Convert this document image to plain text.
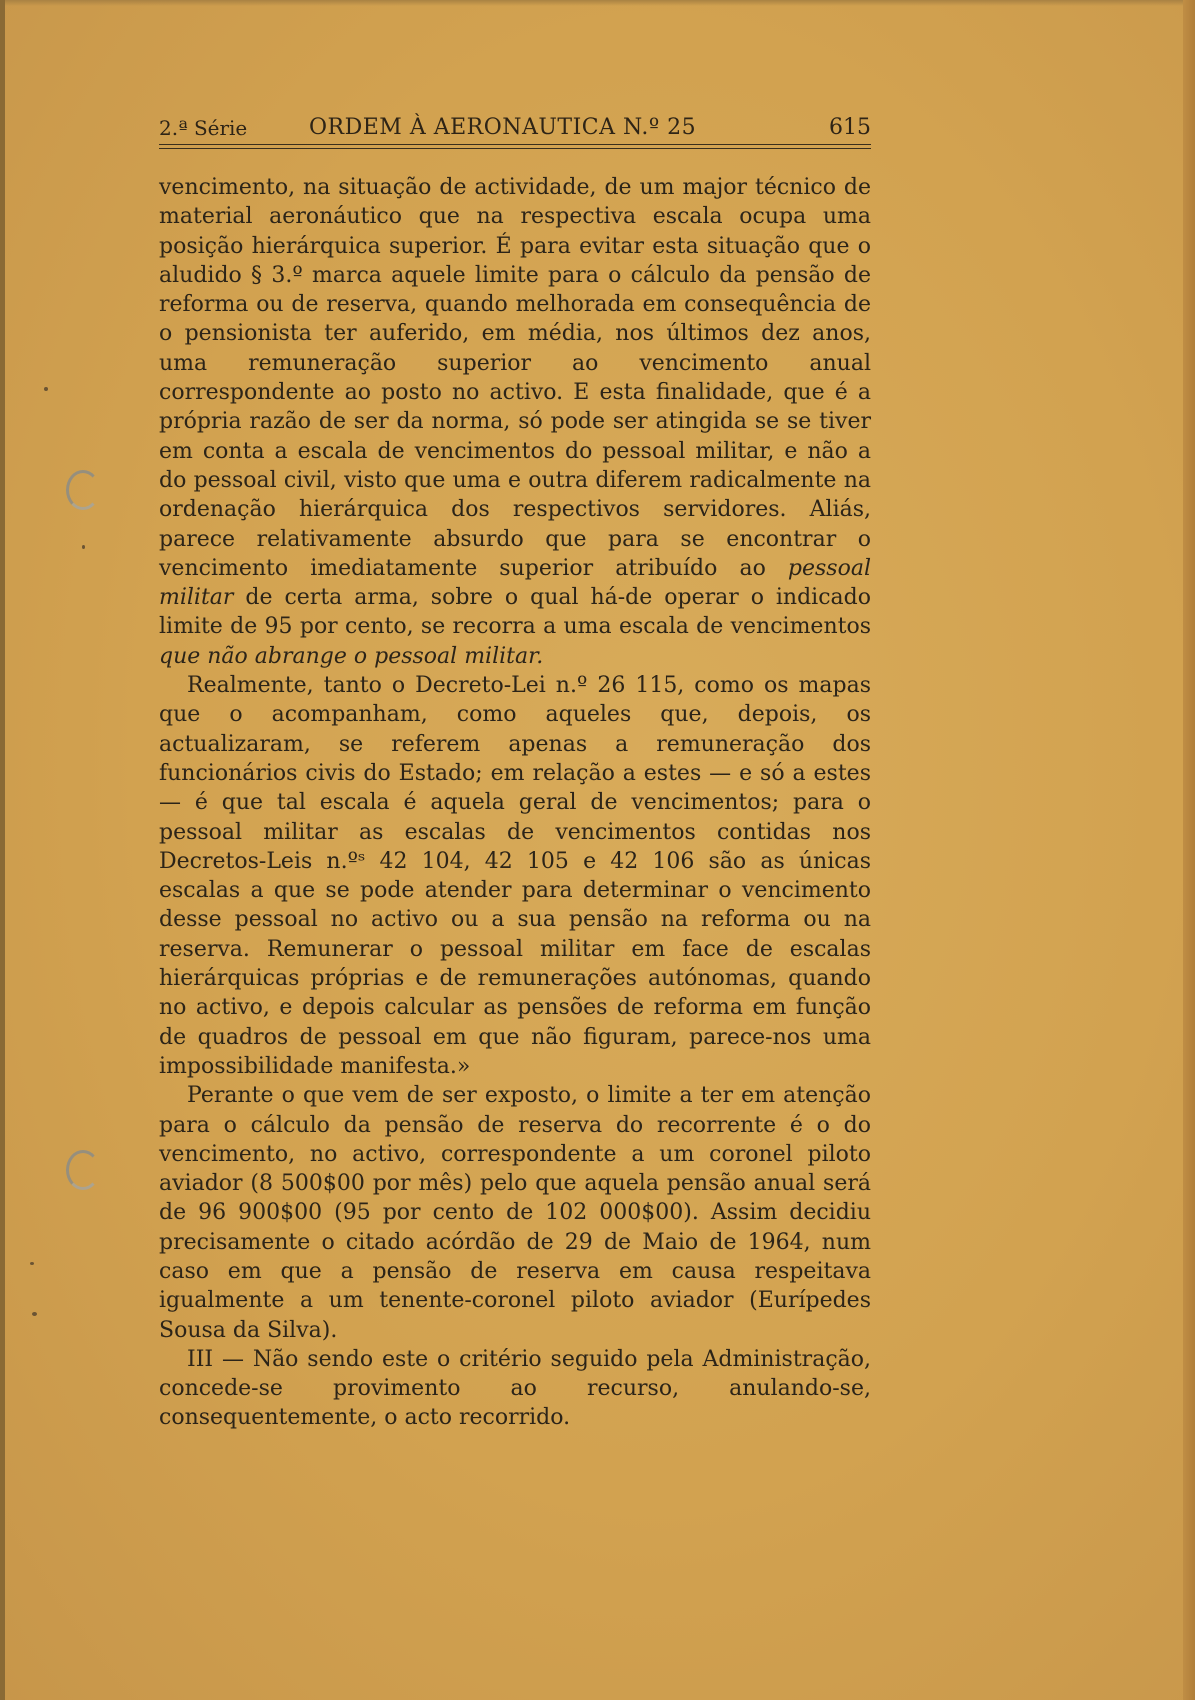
2.ª Série	ORDEM À AERONAUTICA N.º 25	615

vencimento, na situação de actividade, de um major técnico de material aeronáutico que na respectiva escala ocupa uma posição hierárquica superior. É para evitar esta situação que o aludido § 3.º marca aquele limite para o cálculo da pensão de reforma ou de reserva, quando melhorada em consequência de o pensionista ter auferido, em média, nos últimos dez anos, uma remuneração superior ao vencimento anual correspondente ao posto no activo. E esta finalidade, que é a própria razão de ser da norma, só pode ser atingida se se tiver em conta a escala de vencimentos do pessoal militar, e não a do pessoal civil, visto que uma e outra diferem radicalmente na ordenação hierárquica dos respectivos servidores. Aliás, parece relativamente absurdo que para se encontrar o vencimento imediatamente superior atribuído ao pessoal militar de certa arma, sobre o qual há-de operar o indicado limite de 95 por cento, se recorra a uma escala de vencimentos que não abrange o pessoal militar.

Realmente, tanto o Decreto-Lei n.º 26 115, como os mapas que o acompanham, como aqueles que, depois, os actualizaram, se referem apenas a remuneração dos funcionários civis do Estado; em relação a estes — e só a estes — é que tal escala é aquela geral de vencimentos; para o pessoal militar as escalas de vencimentos contidas nos Decretos-Leis n.ºˢ 42 104, 42 105 e 42 106 são as únicas escalas a que se pode atender para determinar o vencimento desse pessoal no activo ou a sua pensão na reforma ou na reserva. Remunerar o pessoal militar em face de escalas hierárquicas próprias e de remunerações autónomas, quando no activo, e depois calcular as pensões de reforma em função de quadros de pessoal em que não figuram, parece-nos uma impossibilidade manifesta.»

Perante o que vem de ser exposto, o limite a ter em atenção para o cálculo da pensão de reserva do recorrente é o do vencimento, no activo, correspondente a um coronel piloto aviador (8 500$00 por mês) pelo que aquela pensão anual será de 96 900$00 (95 por cento de 102 000$00). Assim decidiu precisamente o citado acórdão de 29 de Maio de 1964, num caso em que a pensão de reserva em causa respeitava igualmente a um tenente-coronel piloto aviador (Eurípedes Sousa da Silva).

III — Não sendo este o critério seguido pela Administração, concede-se provimento ao recurso, anulando-se, consequentemente, o acto recorrido.
